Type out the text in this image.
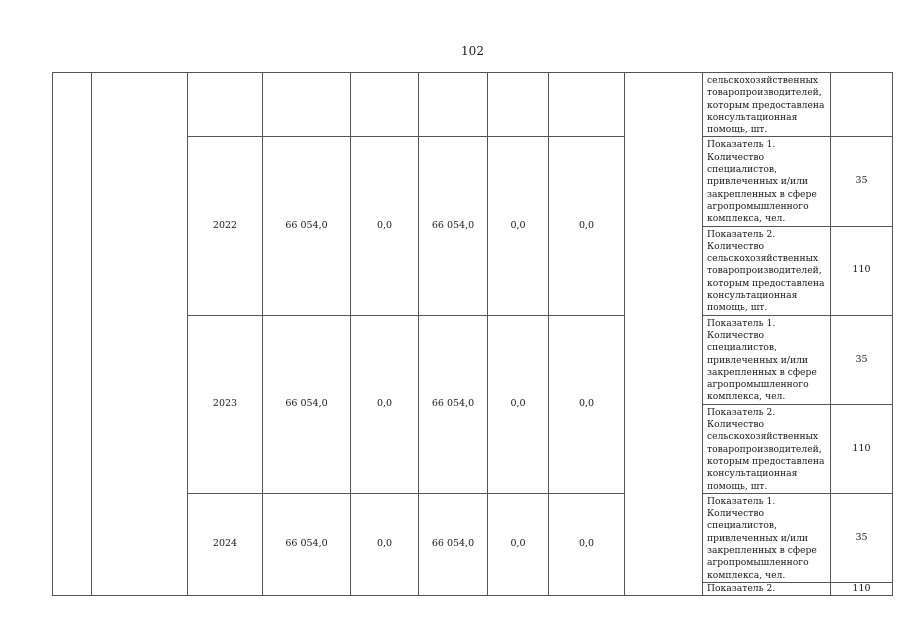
102
									сельскохозяйственных товаропроизводителей, которым предоставлена консультационная помощь, шт.	
		2022	66 054,0	0,0	66 054,0	0,0	0,0		Показатель 1. Количество специалистов, привлеченных и/или закрепленных в сфере агропромышленного комплекса, чел.	35
									Показатель 2. Количество сельскохозяйственных товаропроизводителей, которым предоставлена консультационная помощь, шт.	110
		2023	66 054,0	0,0	66 054,0	0,0	0,0		Показатель 1. Количество специалистов, привлеченных и/или закрепленных в сфере агропромышленного комплекса, чел.	35
									Показатель 2. Количество сельскохозяйственных товаропроизводителей, которым предоставлена консультационная помощь, шт.	110
		2024	66 054,0	0,0	66 054,0	0,0	0,0		Показатель 1. Количество специалистов, привлеченных и/или закрепленных в сфере агропромышленного комплекса, чел.	35
									Показатель 2.	110
